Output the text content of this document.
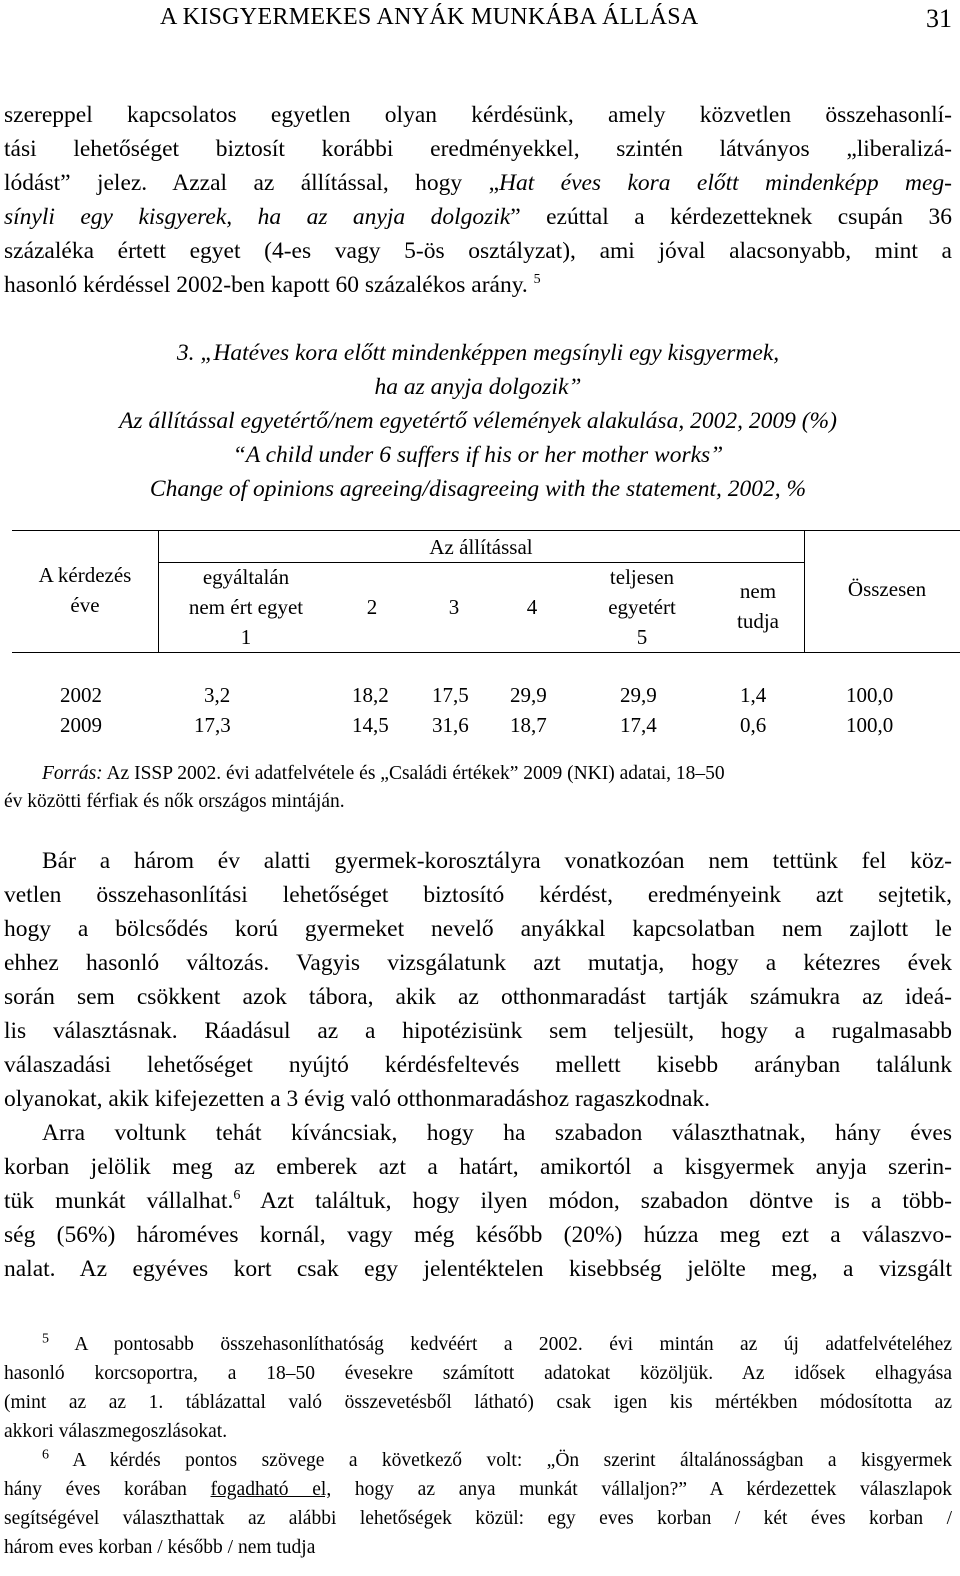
A KISGYERMEKES ANYÁK MUNKÁBA ÁLLÁSA	31
szereppel kapcsolatos egyetlen olyan kérdésünk, amely közvetlen összehasonlí-
tási lehetőséget biztosít korábbi eredményekkel, szintén látványos „liberalizá-
lódást” jelez. Azzal az állítással, hogy „Hat éves kora előtt mindenképp meg-
sínyli egy kisgyerek, ha az anyja dolgozik” ezúttal a kérdezetteknek csupán 36
százaléka értett egyet (4-es vagy 5-ös osztályzat), ami jóval alacsonyabb, mint a
hasonló kérdéssel 2002-ben kapott 60 százalékos arány. $^5$
3. „Hatéves kora előtt mindenképpen megsínyli egy kisgyermek,
ha az anyja dolgozik”
Az állítással egyetértő/nem egyetértő vélemények alakulása, 2002, 2009 (%)
“A child under 6 suffers if his or her mother works”
Change of opinions agreeing/disagreeing with the statement, 2002, %
A kérdezés
éve
Az állítással
egyáltalán
nem ért egyet
1
2	3	4
teljesen
egyetért
5
nem
tudja
Összesen
2002	3,2	18,2 17,5 29,9	29,9	1,4	100,0
2009	17,3	14,5 31,6 18,7	17,4	0,6	100,0
Forrás: Az ISSP 2002. évi adatfelvétele és „Családi értékek” 2009 (NKI) adatai, 18–50
év közötti férfiak és nők országos mintáján.
Bár a három év alatti gyermek-korosztályra vonatkozóan nem tettünk fel köz-
vetlen összehasonlítási lehetőséget biztosító kérdést, eredményeink azt sejtetik,
hogy a bölcsődés korú gyermeket nevelő anyákkal kapcsolatban nem zajlott le
ehhez hasonló változás. Vagyis vizsgálatunk azt mutatja, hogy a kétezres évek
során sem csökkent azok tábora, akik az otthonmaradást tartják számukra az ideá-
lis választásnak. Ráadásul az a hipotézisünk sem teljesült, hogy a rugalmasabb
válaszadási lehetőséget nyújtó kérdésfeltevés mellett kisebb arányban találunk
olyanokat, akik kifejezetten a 3 évig való otthonmaradáshoz ragaszkodnak.
Arra voltunk tehát kíváncsiak, hogy ha szabadon választhatnak, hány éves
korban jelölik meg az emberek azt a határt, amikortól a kisgyermek anyja szerin-
tük munkát vállalhat.$^6$ Azt találtuk, hogy ilyen módon, szabadon döntve is a több-
ség (56%) hároméves kornál, vagy még később (20%) húzza meg ezt a válaszvo-
nalat. Az egyéves kort csak egy jelentéktelen kisebbség jelölte meg, a vizsgált
$^5$ A pontosabb összehasonlíthatóság kedvéért a 2002. évi mintán az új adatfelvételéhez
hasonló korcsoportra, a 18–50 évesekre számított adatokat közöljük. Az idősek elhagyása
(mint az az 1. táblázattal való összevetésből látható) csak igen kis mértékben módosította az
akkori válaszmegoszlásokat.
$^6$ A kérdés pontos szövege a következő volt: „Ön szerint általánosságban a kisgyermek
hány éves korában fogadható el, hogy az anya munkát vállaljon?” A kérdezettek válaszlapok
segítségével választhattak az alábbi lehetőségek közül: egy eves korban / két éves korban /
három eves korban / később / nem tudja
